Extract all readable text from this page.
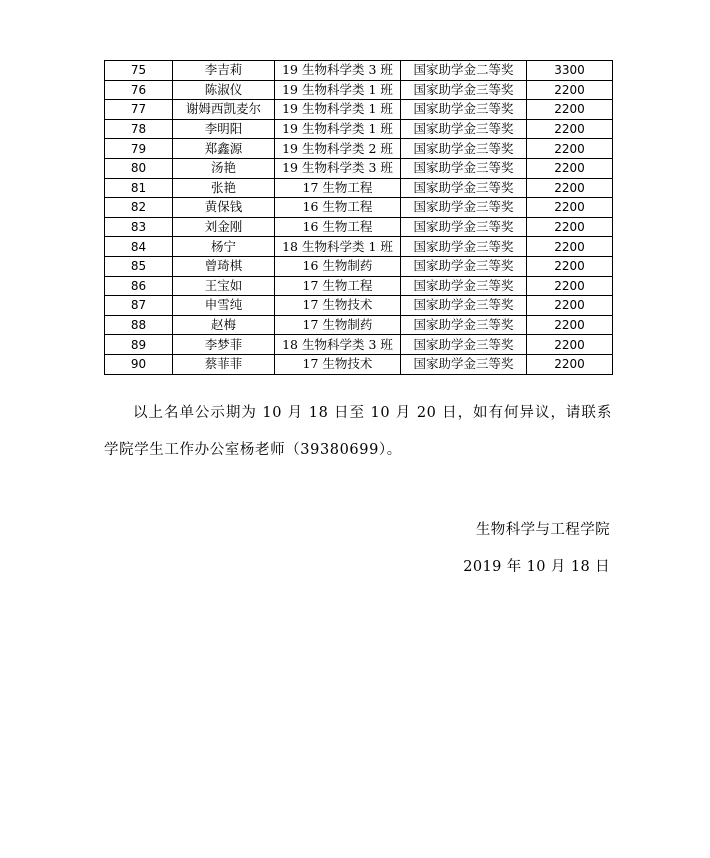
75	李吉莉	19 生物科学类 3 班	国家助学金二等奖	3300
76	陈淑仪	19 生物科学类 1 班	国家助学金三等奖	2200
77	谢姆西凯麦尔	19 生物科学类 1 班	国家助学金三等奖	2200
78	李明阳	19 生物科学类 1 班	国家助学金三等奖	2200
79	郑鑫源	19 生物科学类 2 班	国家助学金三等奖	2200
80	汤艳	19 生物科学类 3 班	国家助学金三等奖	2200
81	张艳	17 生物工程	国家助学金三等奖	2200
82	黄保钱	16 生物工程	国家助学金三等奖	2200
83	刘金刚	16 生物工程	国家助学金三等奖	2200
84	杨宁	18 生物科学类 1 班	国家助学金三等奖	2200
85	曾琦棋	16 生物制药	国家助学金三等奖	2200
86	王宝如	17 生物工程	国家助学金三等奖	2200
87	申雪纯	17 生物技术	国家助学金三等奖	2200
88	赵梅	17 生物制药	国家助学金三等奖	2200
89	李梦菲	18 生物科学类 3 班	国家助学金三等奖	2200
90	蔡菲菲	17 生物技术	国家助学金三等奖	2200
以上名单公示期为 10 月 18 日至 10 月 20 日，如有何异议，请联系学院学生工作办公室杨老师（39380699）。
生物科学与工程学院
2019 年 10 月 18 日
